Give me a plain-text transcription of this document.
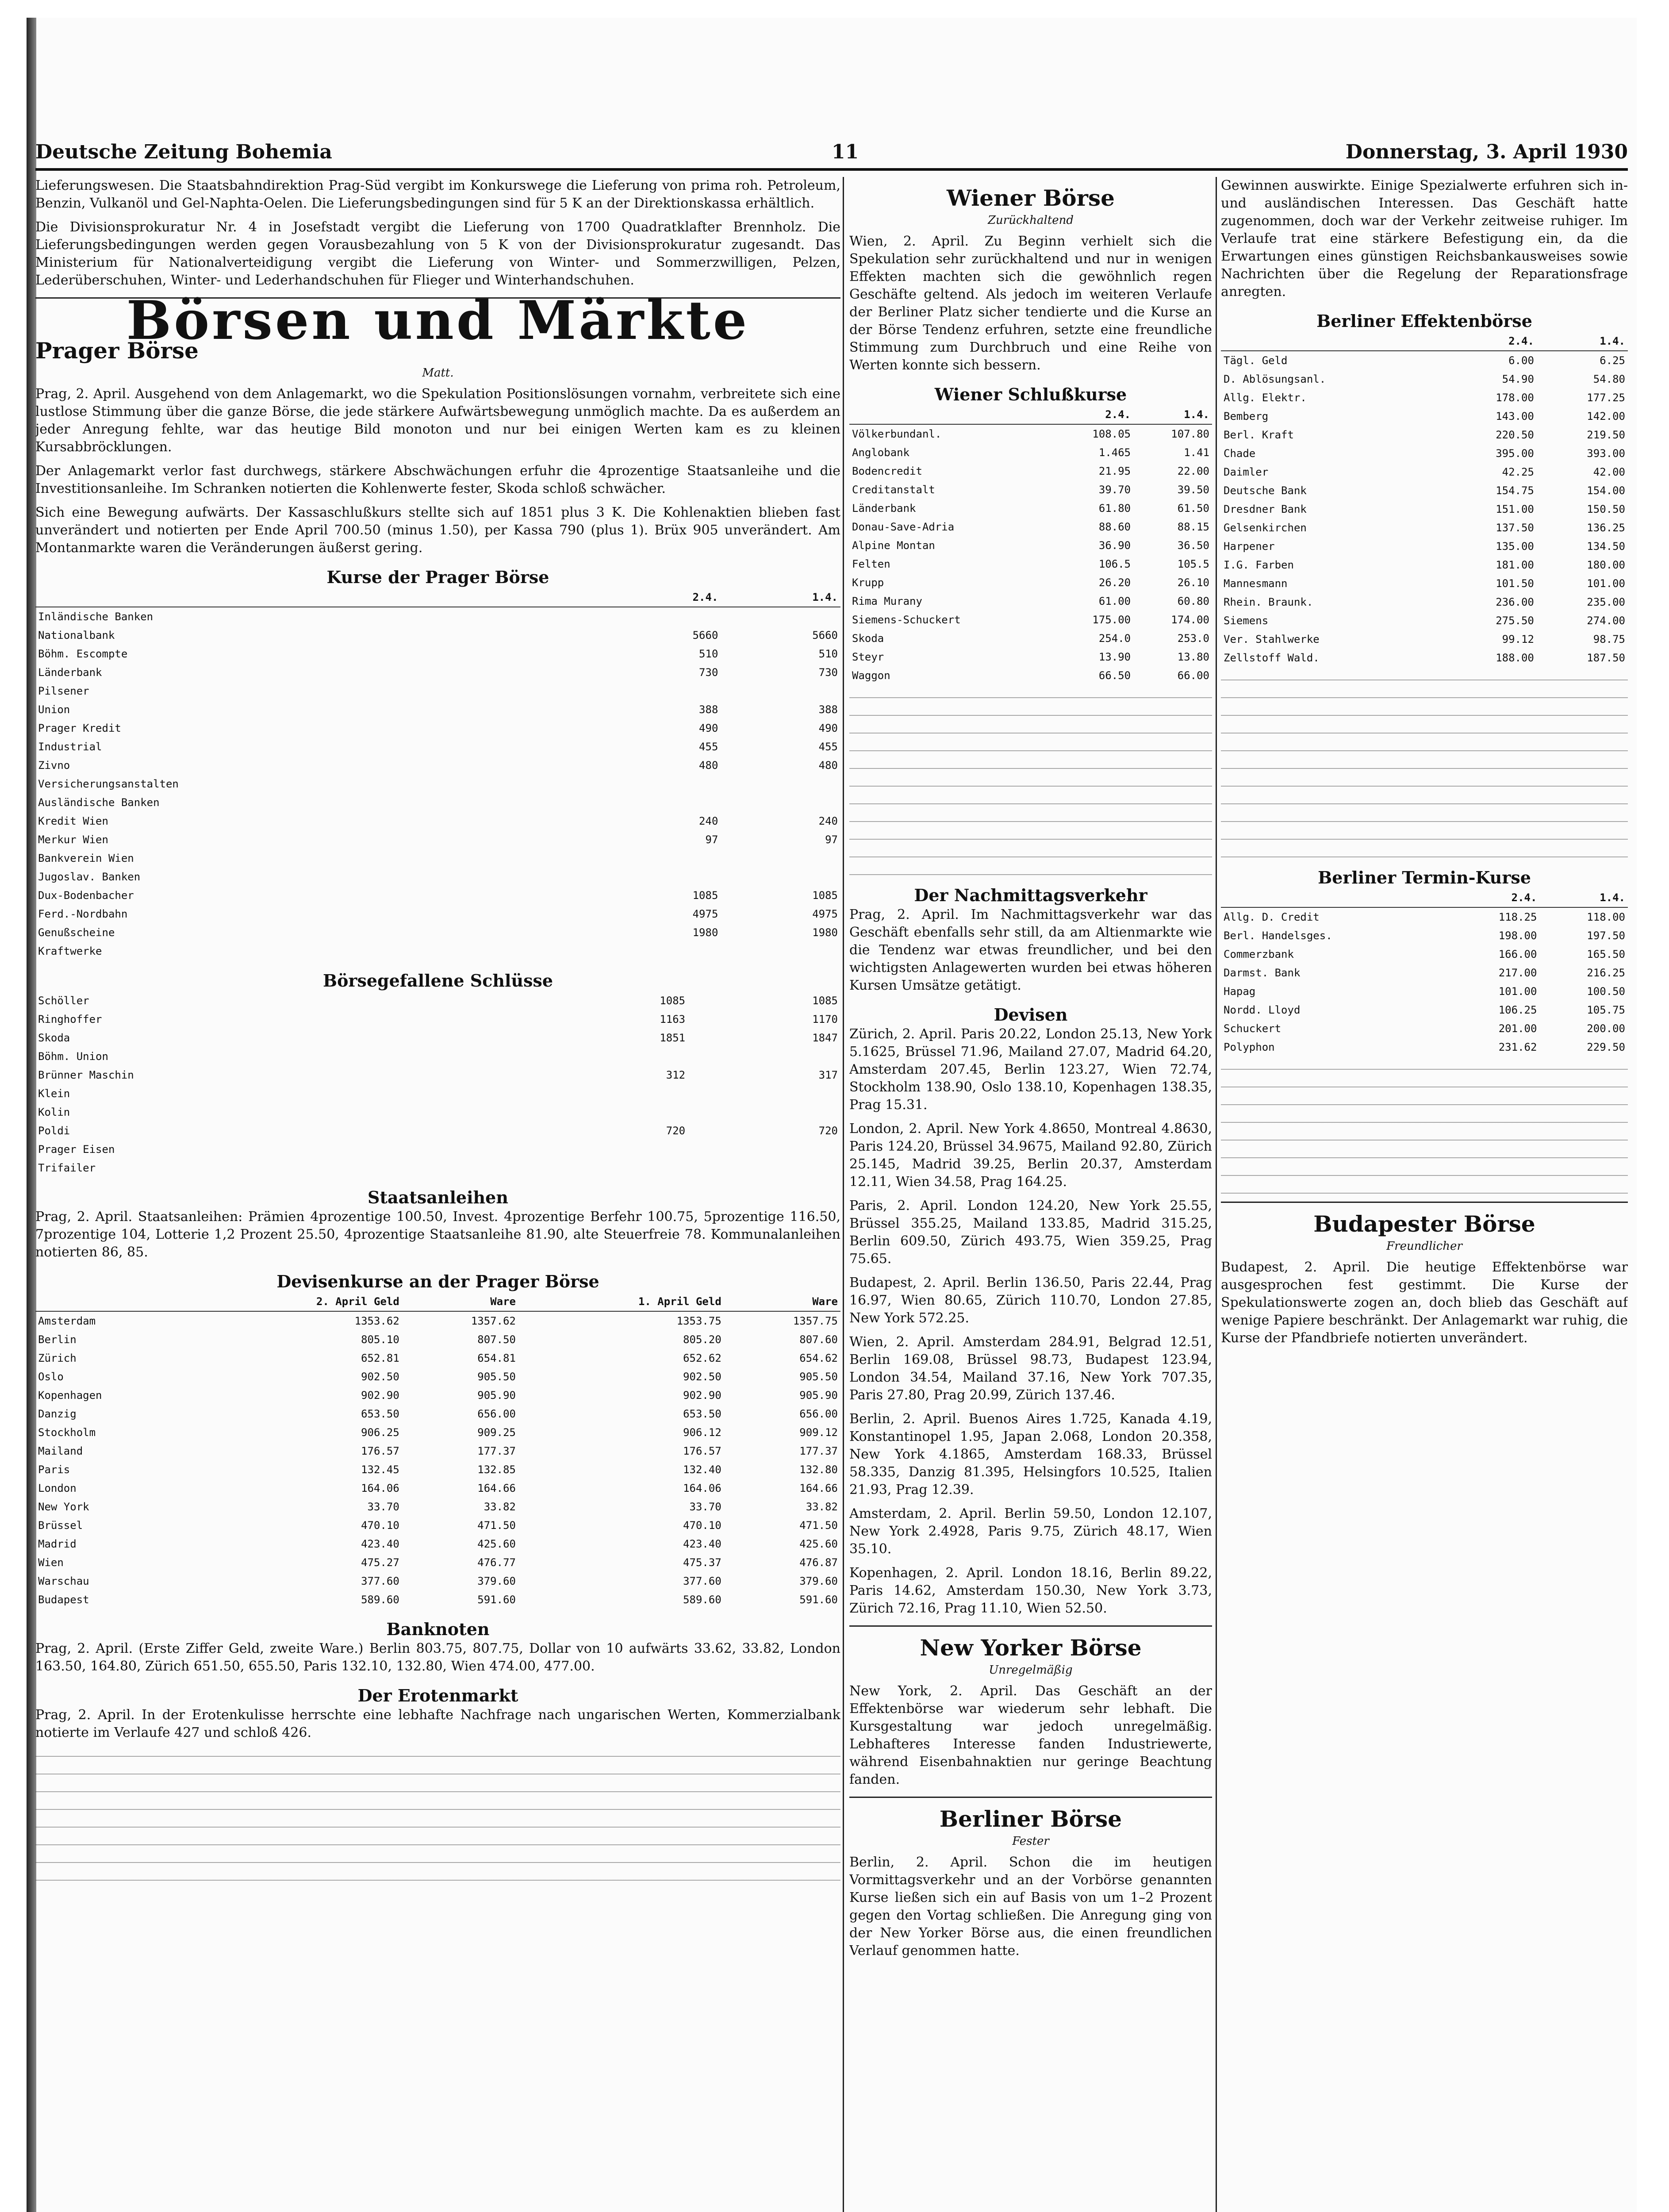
Deutsche Zeitung Bohemia	11	Donnerstag, 3. April 1930

Lieferungswesen. Die Staatsbahndirektion Prag-Süd vergibt im Konkurswege die Lieferung von prima roh. Petroleum, Benzin, Vulkanöl und Gel-Naphta-Oelen. Die Lieferungsbedingungen sind für 5 K an der Direktionskassa erhältlich.

Die Divisionsprokuratur Nr. 4 in Josefstadt vergibt die Lieferung von 1700 Quadratklafter Brennholz. Die Lieferungsbedingungen werden gegen Vorausbezahlung von 5 K von der Divisionsprokuratur zugesandt. Das Ministerium für Nationalverteidigung vergibt die Lieferung von Winter- und Sommerzwilligen, Pelzen, Lederüberschuhen, Winter- und Lederhandschuhen für Flieger und Winterhandschuhen.

Börsen und Märkte
Prager Börse
Matt.

Prag, 2. April. Ausgehend von dem Anlagemarkt, wo die Spekulation Positionslösungen vornahm, verbreitete sich eine lustlose Stimmung über die ganze Börse, die jede stärkere Aufwärtsbewegung unmöglich machte. Da es außerdem an jeder Anregung fehlte, war das heutige Bild monoton und nur bei einigen Werten kam es zu kleinen Kursabbröcklungen.

Der Anlagemarkt verlor fast durchwegs, stärkere Abschwächungen erfuhr die 4prozentige Staatsanleihe und die Investitionsanleihe. Im Schranken notierten die Kohlenwerte fester, Skoda schloß schwächer.

Sich eine Bewegung aufwärts. Der Kassaschlußkurs stellte sich auf 1851 plus 3 K. Die Kohlenaktien blieben fast unverändert und notierten per Ende April 700.50 (minus 1.50), per Kassa 790 (plus 1). Brüx 905 unverändert. Am Montanmarkte waren die Veränderungen äußerst gering.

Kurse der Prager Börse
	2.4.	1.4.
Inländische Banken		
Nationalbank	5660	5660
Böhm. Escompte	510	510
Länderbank	730	730
Pilsener		
Union	388	388
Prager Kredit	490	490
Industrial	455	455
Zivno	480	480
Versicherungsanstalten		
Ausländische Banken		
Kredit Wien	240	240
Merkur Wien	97	97
Bankverein Wien		
Jugoslav. Banken		
Dux-Bodenbacher	1085	1085
Ferd.-Nordbahn	4975	4975
Genußscheine	1980	1980
Kraftwerke		
Börsegefallene Schlüsse
Schöller	1085	1085
Ringhoffer	1163	1170
Skoda	1851	1847
Böhm. Union		
Brünner Maschin	312	317
Klein		
Kolin		
Poldi	720	720
Prager Eisen		
Trifailer		
Staatsanleihen

Prag, 2. April. Staatsanleihen: Prämien 4prozentige 100.50, Invest. 4prozentige Berfehr 100.75, 5prozentige 116.50, 7prozentige 104, Lotterie 1,2 Prozent 25.50, 4prozentige Staatsanleihe 81.90, alte Steuerfreie 78. Kommunalanleihen notierten 86, 85.

Devisenkurse an der Prager Börse
	2. April Geld	Ware	1. April Geld	Ware
Amsterdam	1353.62	1357.62	1353.75	1357.75
Berlin	805.10	807.50	805.20	807.60
Zürich	652.81	654.81	652.62	654.62
Oslo	902.50	905.50	902.50	905.50
Kopenhagen	902.90	905.90	902.90	905.90
Danzig	653.50	656.00	653.50	656.00
Stockholm	906.25	909.25	906.12	909.12
Mailand	176.57	177.37	176.57	177.37
Paris	132.45	132.85	132.40	132.80
London	164.06	164.66	164.06	164.66
New York	33.70	33.82	33.70	33.82
Brüssel	470.10	471.50	470.10	471.50
Madrid	423.40	425.60	423.40	425.60
Wien	475.27	476.77	475.37	476.87
Warschau	377.60	379.60	377.60	379.60
Budapest	589.60	591.60	589.60	591.60
Banknoten

Prag, 2. April. (Erste Ziffer Geld, zweite Ware.) Berlin 803.75, 807.75, Dollar von 10 aufwärts 33.62, 33.82, London 163.50, 164.80, Zürich 651.50, 655.50, Paris 132.10, 132.80, Wien 474.00, 477.00.

Der Erotenmarkt

Prag, 2. April. In der Erotenkulisse herrschte eine lebhafte Nachfrage nach ungarischen Werten, Kommerzialbank notierte im Verlaufe 427 und schloß 426.

Wiener Börse
Zurückhaltend

Wien, 2. April. Zu Beginn verhielt sich die Spekulation sehr zurückhaltend und nur in wenigen Effekten machten sich die gewöhnlich regen Geschäfte geltend. Als jedoch im weiteren Verlaufe der Berliner Platz sicher tendierte und die Kurse an der Börse Tendenz erfuhren, setzte eine freundliche Stimmung zum Durchbruch und eine Reihe von Werten konnte sich bessern.

Wiener Schlußkurse
	2.4.	1.4.
Völkerbundanl.	108.05	107.80
Anglobank	1.465	1.41
Bodencredit	21.95	22.00
Creditanstalt	39.70	39.50
Länderbank	61.80	61.50
Donau-Save-Adria	88.60	88.15
Alpine Montan	36.90	36.50
Felten	106.5	105.5
Krupp	26.20	26.10
Rima Murany	61.00	60.80
Siemens-Schuckert	175.00	174.00
Skoda	254.0	253.0
Steyr	13.90	13.80
Waggon	66.50	66.00
Der Nachmittagsverkehr

Prag, 2. April. Im Nachmittagsverkehr war das Geschäft ebenfalls sehr still, da am Altienmarkte wie die Tendenz war etwas freundlicher, und bei den wichtigsten Anlagewerten wurden bei etwas höheren Kursen Umsätze getätigt.

Devisen

Zürich, 2. April. Paris 20.22, London 25.13, New York 5.1625, Brüssel 71.96, Mailand 27.07, Madrid 64.20, Amsterdam 207.45, Berlin 123.27, Wien 72.74, Stockholm 138.90, Oslo 138.10, Kopenhagen 138.35, Prag 15.31.

London, 2. April. New York 4.8650, Montreal 4.8630, Paris 124.20, Brüssel 34.9675, Mailand 92.80, Zürich 25.145, Madrid 39.25, Berlin 20.37, Amsterdam 12.11, Wien 34.58, Prag 164.25.

Paris, 2. April. London 124.20, New York 25.55, Brüssel 355.25, Mailand 133.85, Madrid 315.25, Berlin 609.50, Zürich 493.75, Wien 359.25, Prag 75.65.

Budapest, 2. April. Berlin 136.50, Paris 22.44, Prag 16.97, Wien 80.65, Zürich 110.70, London 27.85, New York 572.25.

Wien, 2. April. Amsterdam 284.91, Belgrad 12.51, Berlin 169.08, Brüssel 98.73, Budapest 123.94, London 34.54, Mailand 37.16, New York 707.35, Paris 27.80, Prag 20.99, Zürich 137.46.

Berlin, 2. April. Buenos Aires 1.725, Kanada 4.19, Konstantinopel 1.95, Japan 2.068, London 20.358, New York 4.1865, Amsterdam 168.33, Brüssel 58.335, Danzig 81.395, Helsingfors 10.525, Italien 21.93, Prag 12.39.

Amsterdam, 2. April. Berlin 59.50, London 12.107, New York 2.4928, Paris 9.75, Zürich 48.17, Wien 35.10.

Kopenhagen, 2. April. London 18.16, Berlin 89.22, Paris 14.62, Amsterdam 150.30, New York 3.73, Zürich 72.16, Prag 11.10, Wien 52.50.

New Yorker Börse
Unregelmäßig

New York, 2. April. Das Geschäft an der Effektenbörse war wiederum sehr lebhaft. Die Kursgestaltung war jedoch unregelmäßig. Lebhafteres Interesse fanden Industriewerte, während Eisenbahnaktien nur geringe Beachtung fanden.

Berliner Börse
Fester

Berlin, 2. April. Schon die im heutigen Vormittagsverkehr und an der Vorbörse genannten Kurse ließen sich ein auf Basis von um 1–2 Prozent gegen den Vortag schließen. Die Anregung ging von der New Yorker Börse aus, die einen freundlichen Verlauf genommen hatte.

Gewinnen auswirkte. Einige Spezialwerte erfuhren sich in- und ausländischen Interessen. Das Geschäft hatte zugenommen, doch war der Verkehr zeitweise ruhiger. Im Verlaufe trat eine stärkere Befestigung ein, da die Erwartungen eines günstigen Reichsbankausweises sowie Nachrichten über die Regelung der Reparationsfrage anregten.

Berliner Effektenbörse
	2.4.	1.4.
Tägl. Geld	6.00	6.25
D. Ablösungsanl.	54.90	54.80
Allg. Elektr.	178.00	177.25
Bemberg	143.00	142.00
Berl. Kraft	220.50	219.50
Chade	395.00	393.00
Daimler	42.25	42.00
Deutsche Bank	154.75	154.00
Dresdner Bank	151.00	150.50
Gelsenkirchen	137.50	136.25
Harpener	135.00	134.50
I.G. Farben	181.00	180.00
Mannesmann	101.50	101.00
Rhein. Braunk.	236.00	235.00
Siemens	275.50	274.00
Ver. Stahlwerke	99.12	98.75
Zellstoff Wald.	188.00	187.50
Berliner Termin-Kurse
	2.4.	1.4.
Allg. D. Credit	118.25	118.00
Berl. Handelsges.	198.00	197.50
Commerzbank	166.00	165.50
Darmst. Bank	217.00	216.25
Hapag	101.00	100.50
Nordd. Lloyd	106.25	105.75
Schuckert	201.00	200.00
Polyphon	231.62	229.50
Budapester Börse
Freundlicher

Budapest, 2. April. Die heutige Effektenbörse war ausgesprochen fest gestimmt. Die Kurse der Spekulationswerte zogen an, doch blieb das Geschäft auf wenige Papiere beschränkt. Der Anlagemarkt war ruhig, die Kurse der Pfandbriefe notierten unverändert.
